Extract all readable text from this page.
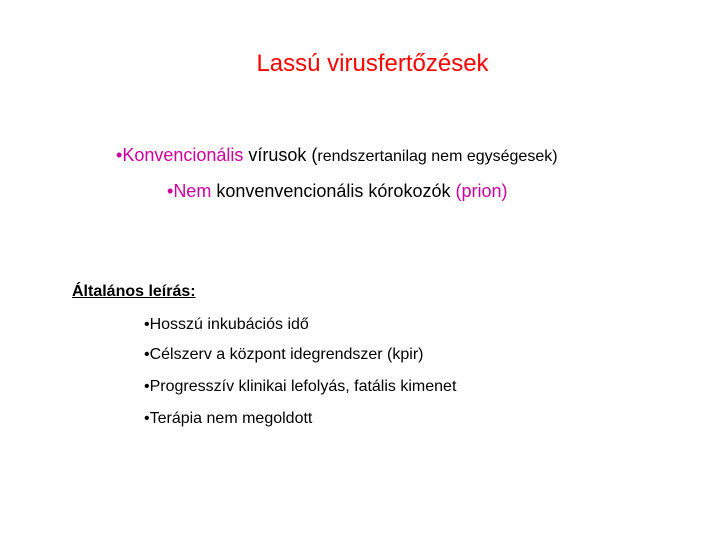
Lassú virusfertőzések
•Konvencionális vírusok (rendszertanilag nem egységesek)
•Nem konvenvencionális kórokozók (prion)
Általános leírás:
•Hosszú inkubációs idő
•Célszerv a központ idegrendszer (kpir)
•Progresszív klinikai lefolyás, fatális kimenet
•Terápia nem megoldott
